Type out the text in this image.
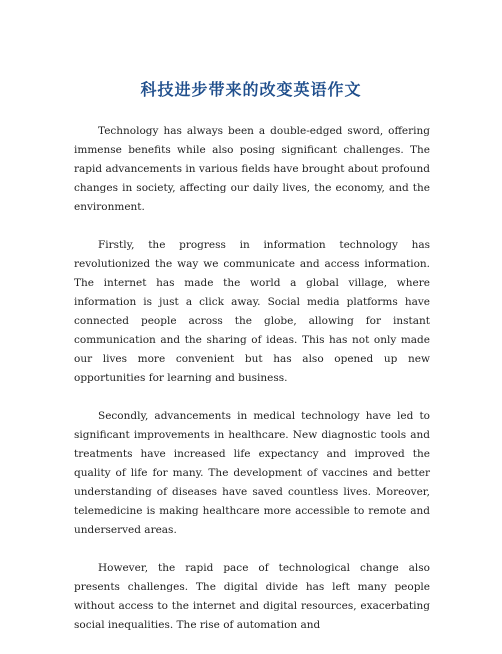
科技进步带来的改变英语作文

Technology has always been a double-edged sword, offering immense benefits while also posing significant challenges. The rapid advancements in various fields have brought about profound changes in society, affecting our daily lives, the economy, and the environment.

Firstly, the progress in information technology has revolutionized the way we communicate and access information. The internet has made the world a global village, where information is just a click away. Social media platforms have connected people across the globe, allowing for instant communication and the sharing of ideas. This has not only made our lives more convenient but has also opened up new opportunities for learning and business.

Secondly, advancements in medical technology have led to significant improvements in healthcare. New diagnostic tools and treatments have increased life expectancy and improved the quality of life for many. The development of vaccines and better understanding of diseases have saved countless lives. Moreover, telemedicine is making healthcare more accessible to remote and underserved areas.

However, the rapid pace of technological change also presents challenges. The digital divide has left many people without access to the internet and digital resources, exacerbating social inequalities. The rise of automation and
